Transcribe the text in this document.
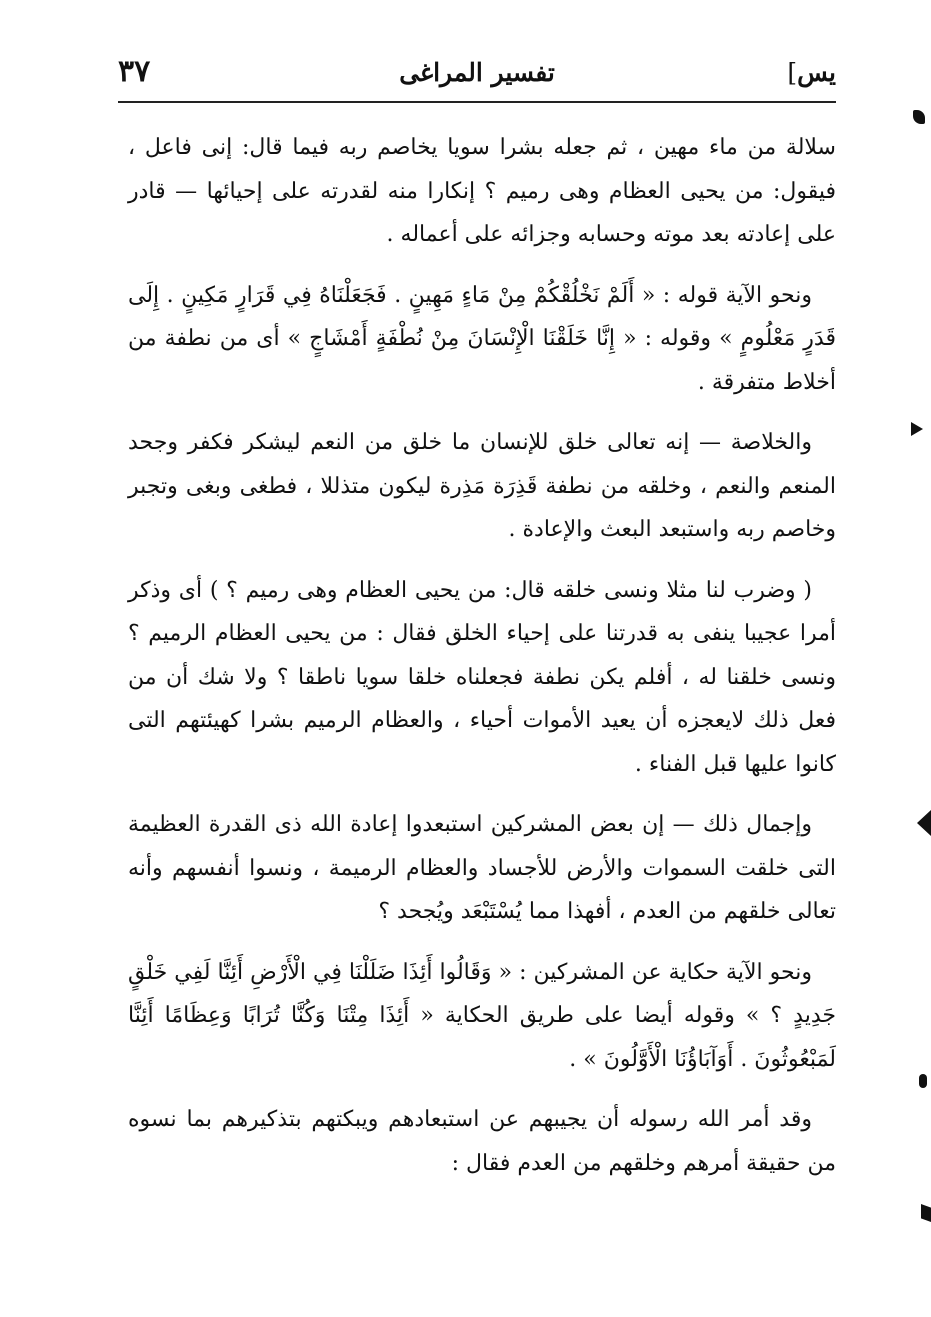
يس]
تفسير المراغى
٣٧

سلالة من ماء مهين ، ثم جعله بشرا سويا يخاصم ربه فيما قال: إنى فاعل ، فيقول: من يحيى العظام وهى رميم ؟ إنكارا منه لقدرته على إحيائها — قادر على إعادته بعد موته وحسابه وجزائه على أعماله .

ونحو الآية قوله : « أَلَمْ نَخْلُقْكُمْ مِنْ مَاءٍ مَهِينٍ . فَجَعَلْنَاهُ فِي قَرَارٍ مَكِينٍ . إِلَى قَدَرٍ مَعْلُومٍ » وقوله : « إِنَّا خَلَقْنَا الْإِنْسَانَ مِنْ نُطْفَةٍ أَمْشَاجٍ » أى من نطفة من أخلاط متفرقة .

والخلاصة — إنه تعالى خلق للإنسان ما خلق من النعم ليشكر فكفر وجحد المنعم والنعم ، وخلقه من نطفة قَذِرَة مَذِرة ليكون متذللا ، فطغى وبغى وتجبر وخاصم ربه واستبعد البعث والإعادة .

( وضرب لنا مثلا ونسى خلقه قال: من يحيى العظام وهى رميم ؟ ) أى وذكر أمرا عجيبا ينفى به قدرتنا على إحياء الخلق فقال : من يحيى العظام الرميم ؟ ونسى خلقنا له ، أفلم يكن نطفة فجعلناه خلقا سويا ناطقا ؟ ولا شك أن من فعل ذلك لايعجزه أن يعيد الأموات أحياء ، والعظام الرميم بشرا كهيئتهم التى كانوا عليها قبل الفناء .

وإجمال ذلك — إن بعض المشركين استبعدوا إعادة الله ذى القدرة العظيمة التى خلقت السموات والأرض للأجساد والعظام الرميمة ، ونسوا أنفسهم وأنه تعالى خلقهم من العدم ، أفهذا مما يُسْتَبْعَد ويُجحد ؟

ونحو الآية حكاية عن المشركين : « وَقَالُوا أَئِذَا ضَلَلْنَا فِي الْأَرْضِ أَئِنَّا لَفِي خَلْقٍ جَدِيدٍ ؟ » وقوله أيضا على طريق الحكاية « أَئِذَا مِتْنَا وَكُنَّا تُرَابًا وَعِظَامًا أَئِنَّا لَمَبْعُوثُونَ . أَوَآبَاؤُنَا الْأَوَّلُونَ » .

وقد أمر الله رسوله أن يجيبهم عن استبعادهم ويبكتهم بتذكيرهم بما نسوه من حقيقة أمرهم وخلقهم من العدم فقال :
